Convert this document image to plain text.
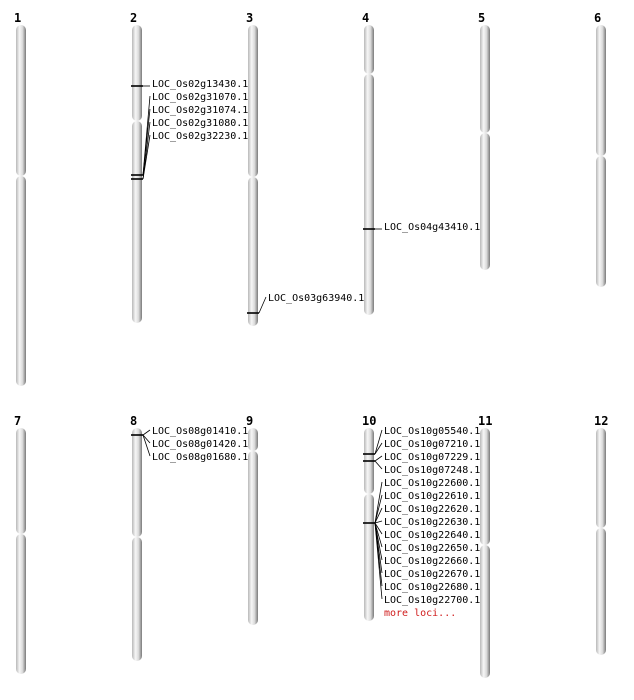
1	2	3	4	5	6
7	8	9	10	11	12
LOC_Os02g13430.1
LOC_Os02g31070.1
LOC_Os02g31074.1
LOC_Os02g31080.1
LOC_Os02g32230.1
LOC_Os03g63940.1
LOC_Os04g43410.1
LOC_Os08g01410.1
LOC_Os08g01420.1
LOC_Os08g01680.1
LOC_Os10g05540.1
LOC_Os10g07210.1
LOC_Os10g07229.1
LOC_Os10g07248.1
LOC_Os10g22600.1
LOC_Os10g22610.1
LOC_Os10g22620.1
LOC_Os10g22630.1
LOC_Os10g22640.1
LOC_Os10g22650.1
LOC_Os10g22660.1
LOC_Os10g22670.1
LOC_Os10g22680.1
LOC_Os10g22700.1
more loci...
